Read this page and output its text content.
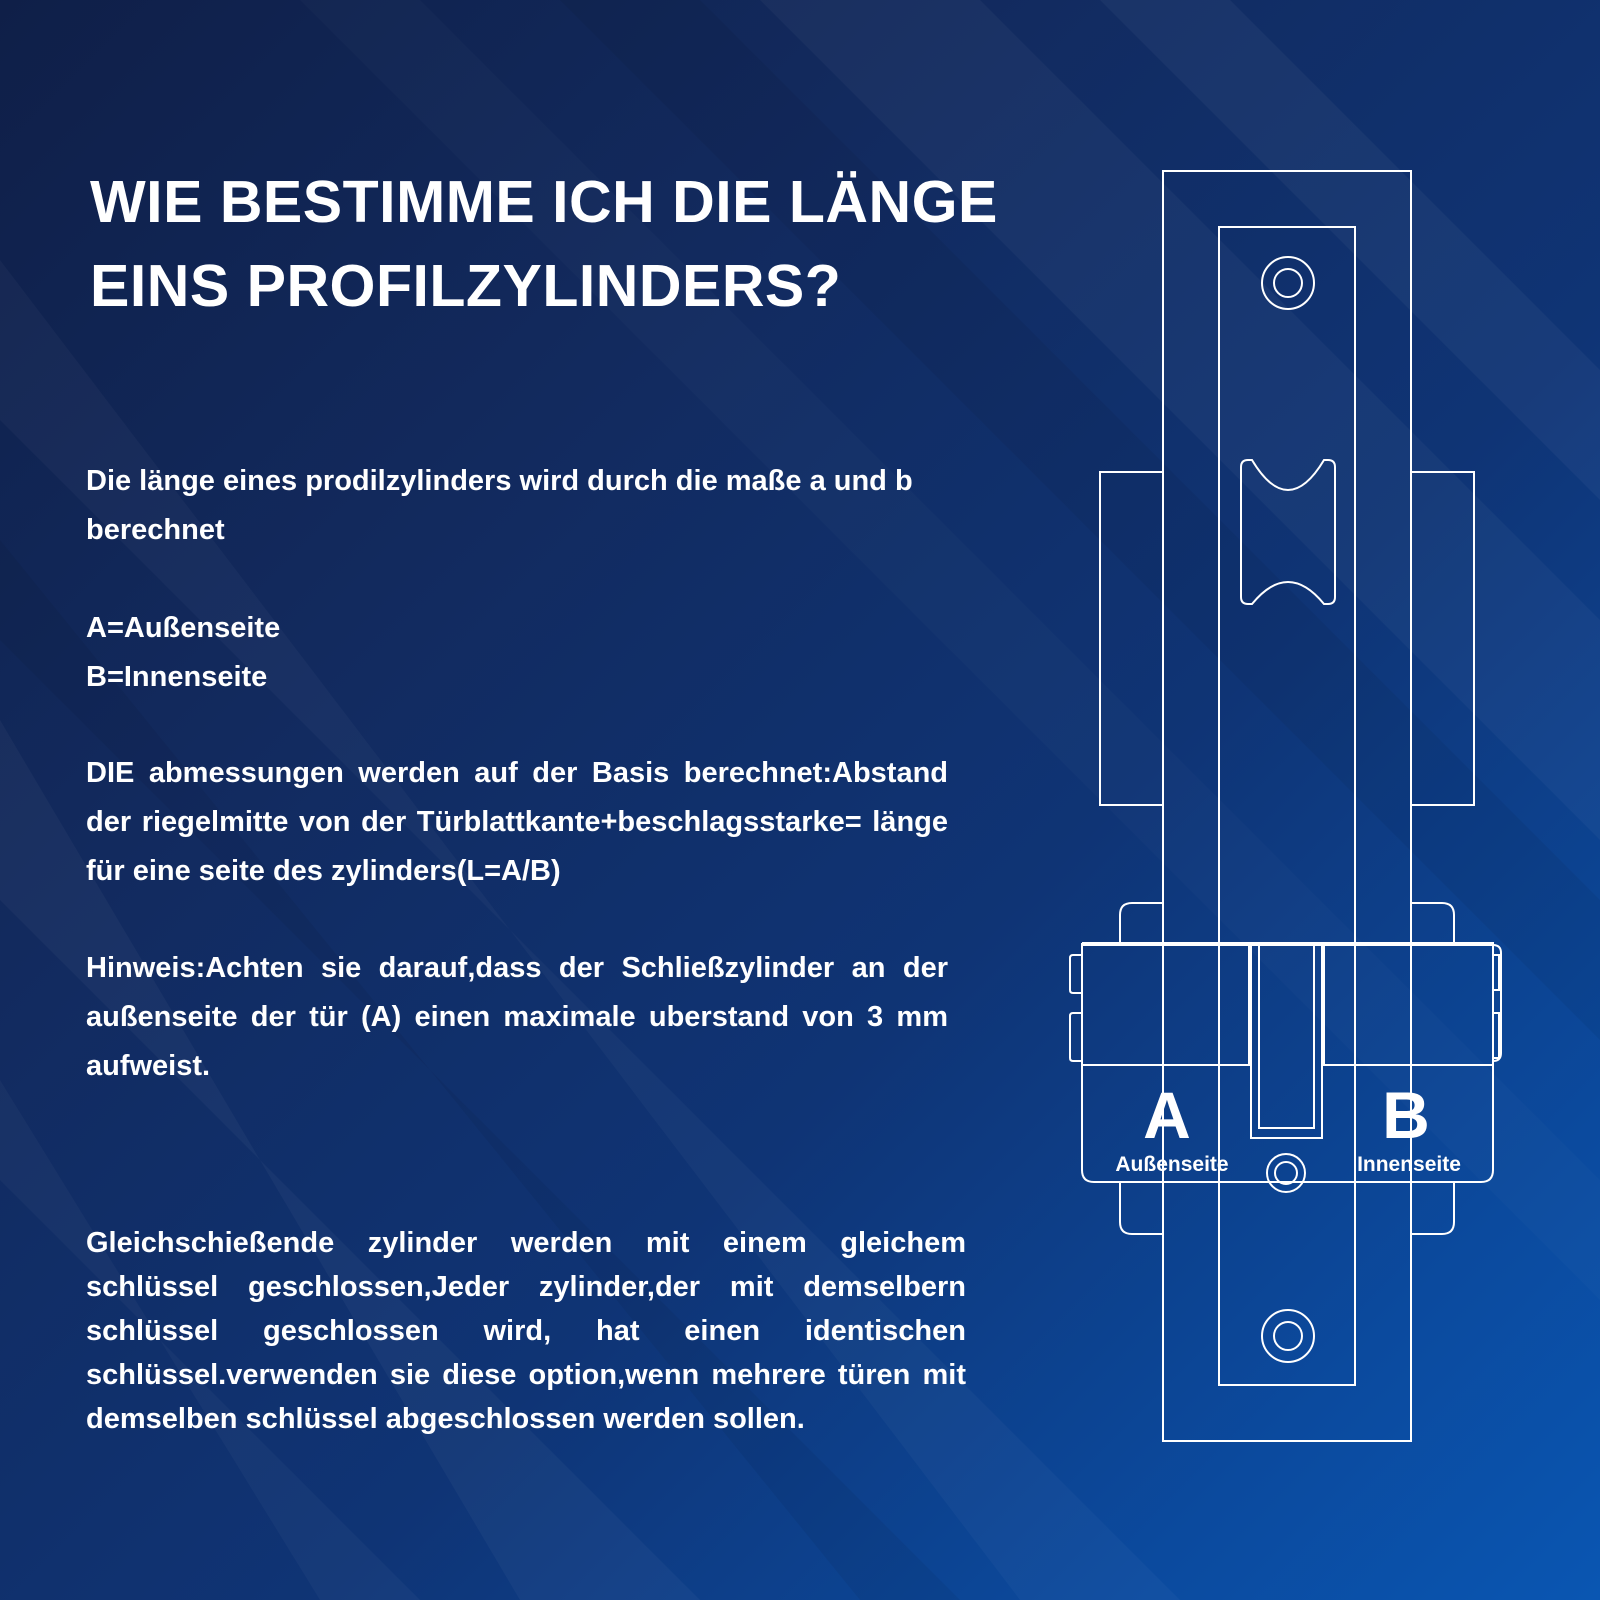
WIE BESTIMME ICH DIE LÄNGE
EINS PROFILZYLINDERS?

Die länge eines prodilzylinders wird durch die maße a und b berechnet

A=Außenseite
B=Innenseite

DIE abmessungen werden auf der Basis berechnet:Abstand der riegelmitte von der Türblattkante+beschlagsstarke= länge für eine seite des zylinders(L=A/B)

Hinweis:Achten sie darauf,dass der Schließzylinder an der außenseite der tür (A) einen maximale uberstand von 3 mm aufweist.

Gleichschießende zylinder werden mit einem gleichem schlüssel geschlossen,Jeder zylinder,der mit demselbern schlüssel geschlossen wird, hat einen identischen schlüssel.verwenden sie diese option,wenn mehrere türen mit demselben schlüssel abgeschlossen werden sollen.

A
Außenseite
B
Innenseite
